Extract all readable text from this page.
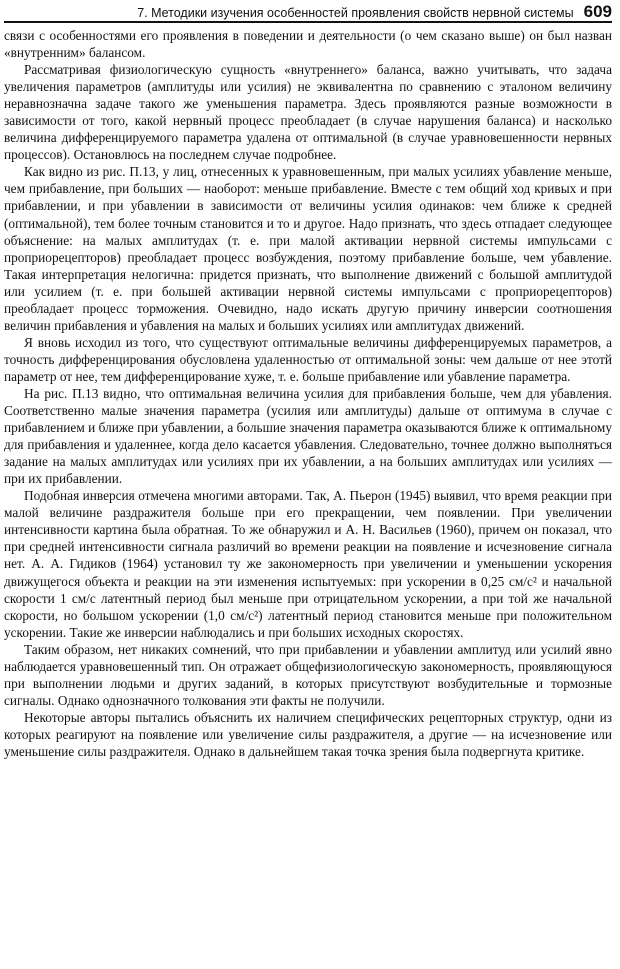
7. Методики изучения особенностей проявления свойств нервной системы 609

связи с особенностями его проявления в поведении и деятельности (о чем сказано выше) он был назван «внутренним» балансом.

Рассматривая физиологическую сущность «внутреннего» баланса, важно учитывать, что задача увеличения параметров (амплитуды или усилия) не эквивалентна по сравнению с эталоном величину неравнозначна задаче такого же уменьшения параметра. Здесь проявляются разные возможности в зависимости от того, какой нервный процесс преобладает (в случае нарушения баланса) и насколько величина дифференцируемого параметра удалена от оптимальной (в случае уравновешенности нервных процессов). Остановлюсь на последнем случае подробнее.

Как видно из рис. П.13, у лиц, отнесенных к уравновешенным, при малых усилиях убавление меньше, чем прибавление, при больших — наоборот: меньше прибавление. Вместе с тем общий ход кривых и при прибавлении, и при убавлении в зависимости от величины усилия одинаков: чем ближе к средней (оптимальной), тем более точным становится и то и другое. Надо признать, что здесь отпадает следующее объяснение: на малых амплитудах (т. е. при малой активации нервной системы импульсами с проприорецепторов) преобладает процесс возбуждения, поэтому прибавление больше, чем убавление. Такая интерпретация нелогична: придется признать, что выполнение движений с большой амплитудой или усилием (т. е. при большей активации нервной системы импульсами с проприорецепторов) преобладает процесс торможения. Очевидно, надо искать другую причину инверсии соотношения величин прибавления и убавления на малых и больших усилиях или амплитудах движений.

Я вновь исходил из того, что существуют оптимальные величины дифференцируемых параметров, а точность дифференцирования обусловлена удаленностью от оптимальной зоны: чем дальше от нее этотй параметр от нее, тем дифференцирование хуже, т. е. больше прибавление или убавление параметра.

На рис. П.13 видно, что оптимальная величина усилия для прибавления больше, чем для убавления. Соответственно малые значения параметра (усилия или амплитуды) дальше от оптимума в случае с прибавлением и ближе при убавлении, а большие значения параметра оказываются ближе к оптимальному для прибавления и удаленнее, когда дело касается убавления. Следовательно, точнее должно выполняться задание на малых амплитудах или усилиях при их убавлении, а на больших амплитудах или усилиях — при их прибавлении.

Подобная инверсия отмечена многими авторами. Так, А. Пьерон (1945) выявил, что время реакции при малой величине раздражителя больше при его прекращении, чем появлении. При увеличении интенсивности картина была обратная. То же обнаружил и А. Н. Васильев (1960), причем он показал, что при средней интенсивности сигнала различий во времени реакции на появление и исчезновение сигнала нет. А. А. Гидиков (1964) установил ту же закономерность при увеличении и уменьшении ускорения движущегося объекта и реакции на эти изменения испытуемых: при ускорении в 0,25 см/с² и начальной скорости 1 см/с латентный период был меньше при отрицательном ускорении, а при той же начальной скорости, но большом ускорении (1,0 см/с²) латентный период становится меньше при положительном ускорении. Такие же инверсии наблюдались и при больших исходных скоростях.

Таким образом, нет никаких сомнений, что при прибавлении и убавлении амплитуд или усилий явно наблюдается уравновешенный тип. Он отражает общефизиологическую закономерность, проявляющуюся при выполнении людьми и других заданий, в которых присутствуют возбудительные и тормозные сигналы. Однако однозначного толкования эти факты не получили.

Некоторые авторы пытались объяснить их наличием специфических рецепторных структур, одни из которых реагируют на появление или увеличение силы раздражителя, а другие — на исчезновение или уменьшение силы раздражителя. Однако в дальнейшем такая точка зрения была подвергнута критике.
